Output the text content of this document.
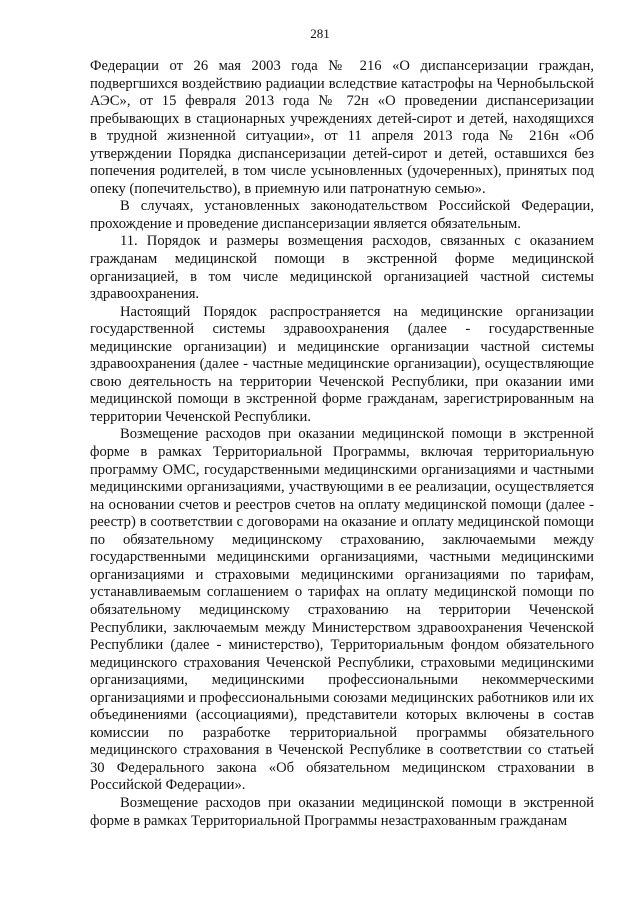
281

Федерации от 26 мая 2003 года № 216 «О диспансеризации граждан, подвергшихся воздействию радиации вследствие катастрофы на Чернобыльской АЭС», от 15 февраля 2013 года № 72н «О проведении диспансеризации пребывающих в стационарных учреждениях детей-сирот и детей, находящихся в трудной жизненной ситуации», от 11 апреля 2013 года № 216н «Об утверждении Порядка диспансеризации детей-сирот и детей, оставшихся без попечения родителей, в том числе усыновленных (удочеренных), принятых под опеку (попечительство), в приемную или патронатную семью».

В случаях, установленных законодательством Российской Федерации, прохождение и проведение диспансеризации является обязательным.

11. Порядок и размеры возмещения расходов, связанных с оказанием гражданам медицинской помощи в экстренной форме медицинской организацией, в том числе медицинской организацией частной системы здравоохранения.

Настоящий Порядок распространяется на медицинские организации государственной системы здравоохранения (далее - государственные медицинские организации) и медицинские организации частной системы здравоохранения (далее - частные медицинские организации), осуществляющие свою деятельность на территории Чеченской Республики, при оказании ими медицинской помощи в экстренной форме гражданам, зарегистрированным на территории Чеченской Республики.

Возмещение расходов при оказании медицинской помощи в экстренной форме в рамках Территориальной Программы, включая территориальную программу ОМС, государственными медицинскими организациями и частными медицинскими организациями, участвующими в ее реализации, осуществляется на основании счетов и реестров счетов на оплату медицинской помощи (далее - реестр) в соответствии с договорами на оказание и оплату медицинской помощи по обязательному медицинскому страхованию, заключаемыми между государственными медицинскими организациями, частными медицинскими организациями и страховыми медицинскими организациями по тарифам, устанавливаемым соглашением о тарифах на оплату медицинской помощи по обязательному медицинскому страхованию на территории Чеченской Республики, заключаемым между Министерством здравоохранения Чеченской Республики (далее - министерство), Территориальным фондом обязательного медицинского страхования Чеченской Республики, страховыми медицинскими организациями, медицинскими профессиональными некоммерческими организациями и профессиональными союзами медицинских работников или их объединениями (ассоциациями), представители которых включены в состав комиссии по разработке территориальной программы обязательного медицинского страхования в Чеченской Республике в соответствии со статьей 30 Федерального закона «Об обязательном медицинском страховании в Российской Федерации».

Возмещение расходов при оказании медицинской помощи в экстренной форме в рамках Территориальной Программы незастрахованным гражданам
